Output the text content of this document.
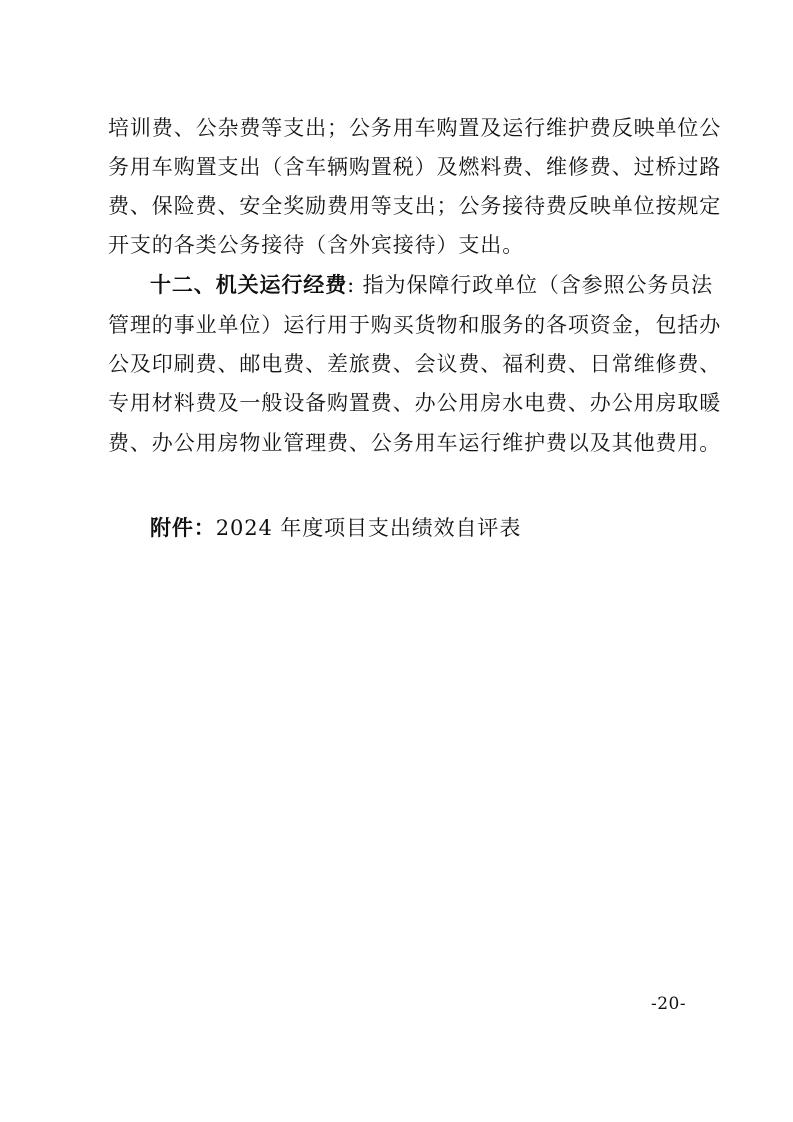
培训费、公杂费等支出；公务用车购置及运行维护费反映单位公
务用车购置支出（含车辆购置税）及燃料费、维修费、过桥过路
费、保险费、安全奖励费用等支出；公务接待费反映单位按规定
开支的各类公务接待（含外宾接待）支出。
十二、机关运行经费: 指为保障行政单位（含参照公务员法
管理的事业单位）运行用于购买货物和服务的各项资金，包括办
公及印刷费、邮电费、差旅费、会议费、福利费、日常维修费、
专用材料费及一般设备购置费、办公用房水电费、办公用房取暖
费、办公用房物业管理费、公务用车运行维护费以及其他费用。
附件：2024 年度项目支出绩效自评表
-20-
